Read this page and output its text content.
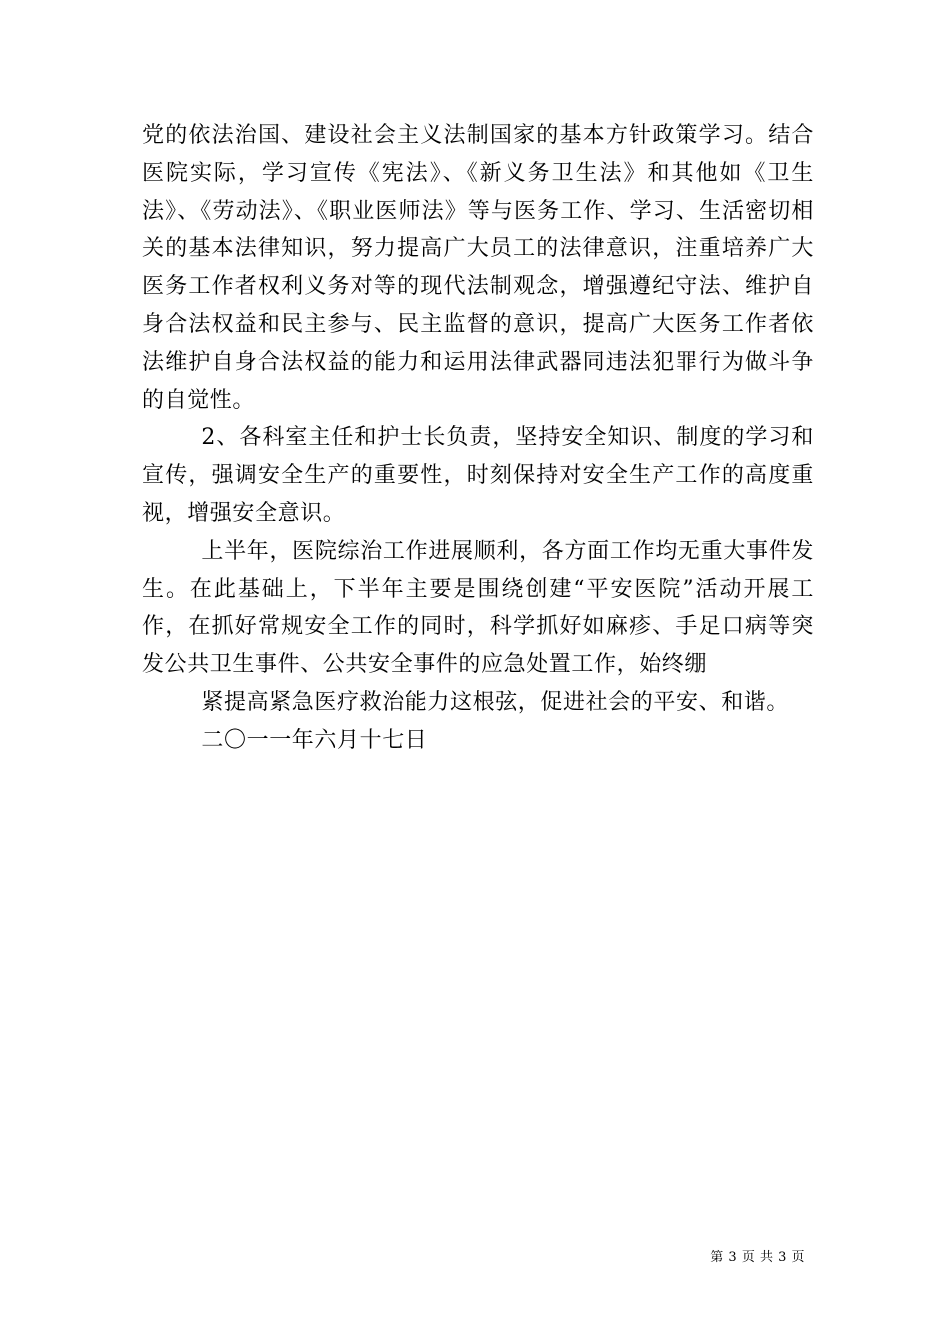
党的依法治国、建设社会主义法制国家的基本方针政策学习。结合医院实际，学习宣传《宪法》、《新义务卫生法》和其他如《卫生法》、《劳动法》、《职业医师法》等与医务工作、学习、生活密切相关的基本法律知识，努力提高广大员工的法律意识，注重培养广大医务工作者权利义务对等的现代法制观念，增强遵纪守法、维护自身合法权益和民主参与、民主监督的意识，提高广大医务工作者依法维护自身合法权益的能力和运用法律武器同违法犯罪行为做斗争的自觉性。

2、各科室主任和护士长负责，坚持安全知识、制度的学习和宣传，强调安全生产的重要性，时刻保持对安全生产工作的高度重视，增强安全意识。

上半年，医院综治工作进展顺利，各方面工作均无重大事件发生。在此基础上，下半年主要是围绕创建“平安医院”活动开展工作，在抓好常规安全工作的同时，科学抓好如麻疹、手足口病等突发公共卫生事件、公共安全事件的应急处置工作，始终绷

紧提高紧急医疗救治能力这根弦，促进社会的平安、和谐。

二〇一一年六月十七日

第 3 页 共 3 页
